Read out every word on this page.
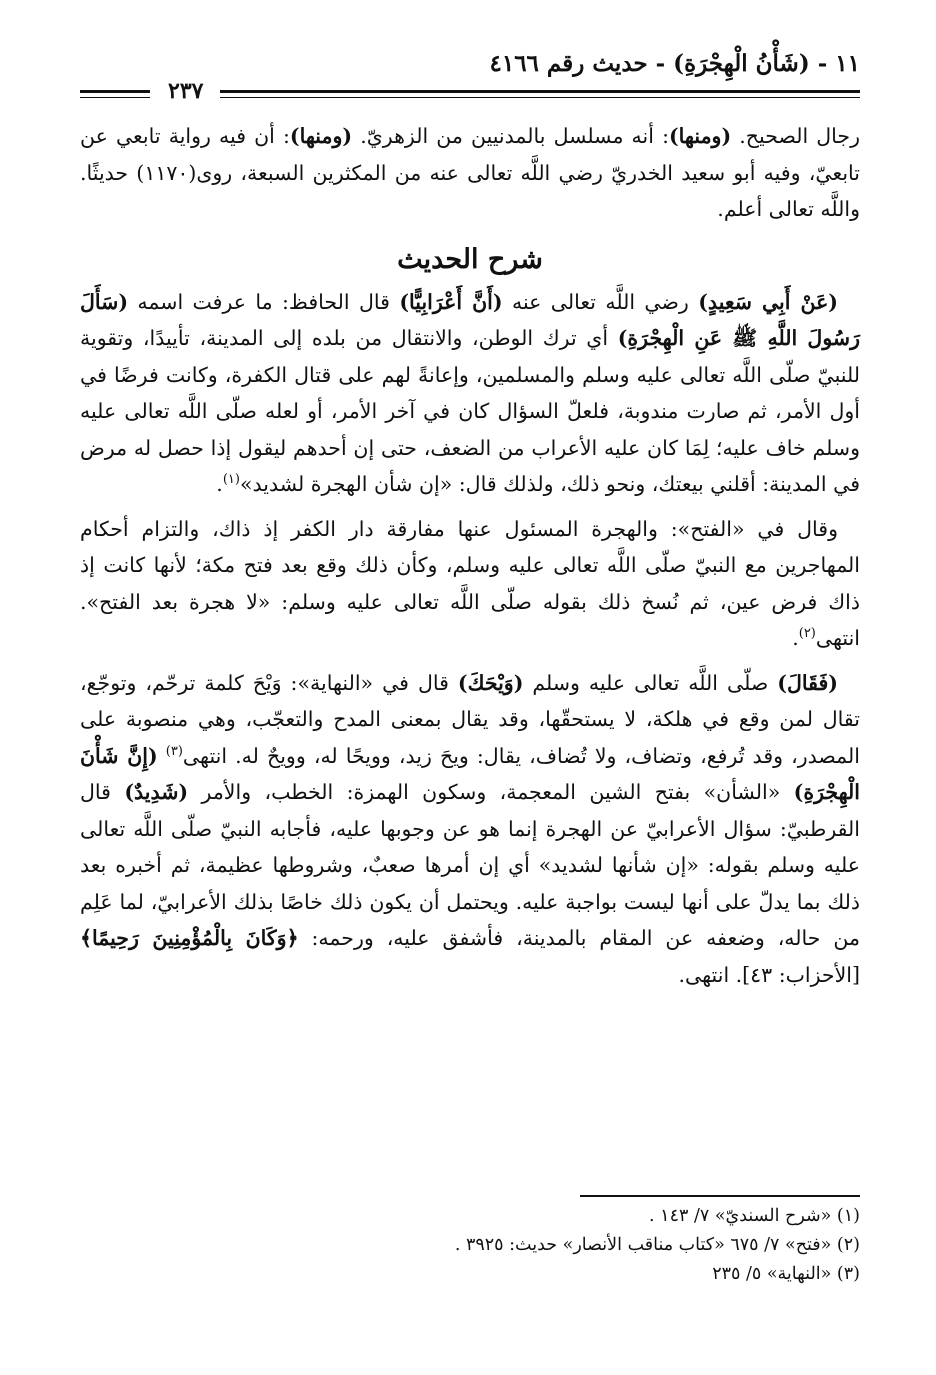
١١ - (شَأْنُ الْهِجْرَةِ) - حديث رقم ٤١٦٦
٢٣٧

رجال الصحيح. (ومنها): أنه مسلسل بالمدنيين من الزهريّ. (ومنها): أن فيه رواية تابعي عن تابعيّ، وفيه أبو سعيد الخدريّ رضي اللَّه تعالى عنه من المكثرين السبعة، روى(١١٧٠) حديثًا. واللَّه تعالى أعلم.

شرح الحديث

(عَنْ أَبِي سَعِيدٍ) رضي اللَّه تعالى عنه (أَنَّ أَعْرَابِيًّا) قال الحافظ: ما عرفت اسمه (سَأَلَ رَسُولَ اللَّهِ ﷺ عَنِ الْهِجْرَةِ) أي ترك الوطن، والانتقال من بلده إلى المدينة، تأييدًا، وتقوية للنبيّ صلّى اللَّه تعالى عليه وسلم والمسلمين، وإعانةً لهم على قتال الكفرة، وكانت فرضًا في أول الأمر، ثم صارت مندوبة، فلعلّ السؤال كان في آخر الأمر، أو لعله صلّى اللَّه تعالى عليه وسلم خاف عليه؛ لِمَا كان عليه الأعراب من الضعف، حتى إن أحدهم ليقول إذا حصل له مرض في المدينة: أقلني بيعتك، ونحو ذلك، ولذلك قال: «إن شأن الهجرة لشديد»$^{(١)}$.

وقال في «الفتح»: والهجرة المسئول عنها مفارقة دار الكفر إذ ذاك، والتزام أحكام المهاجرين مع النبيّ صلّى اللَّه تعالى عليه وسلم، وكأن ذلك وقع بعد فتح مكة؛ لأنها كانت إذ ذاك فرض عين، ثم نُسخ ذلك بقوله صلّى اللَّه تعالى عليه وسلم: «لا هجرة بعد الفتح». انتهى$^{(٢)}$.

(فَقَالَ) صلّى اللَّه تعالى عليه وسلم (وَيْحَكَ) قال في «النهاية»: وَيْحَ كلمة ترحّم، وتوجّع، تقال لمن وقع في هلكة، لا يستحقّها، وقد يقال بمعنى المدح والتعجّب، وهي منصوبة على المصدر، وقد تُرفع، وتضاف، ولا تُضاف، يقال: ويحَ زيد، وويحًا له، وويحٌ له. انتهى$^{(٣)}$ (إِنَّ شَأْنَ الْهِجْرَةِ) «الشأن» بفتح الشين المعجمة، وسكون الهمزة: الخطب، والأمر (شَدِيدٌ) قال القرطبيّ: سؤال الأعرابيّ عن الهجرة إنما هو عن وجوبها عليه، فأجابه النبيّ صلّى اللَّه تعالى عليه وسلم بقوله: «إن شأنها لشديد» أي إن أمرها صعبٌ، وشروطها عظيمة، ثم أخبره بعد ذلك بما يدلّ على أنها ليست بواجبة عليه. ويحتمل أن يكون ذلك خاصًا بذلك الأعرابيّ، لما عَلِم من حاله، وضعفه عن المقام بالمدينة، فأشفق عليه، ورحمه: ﴿وَكَانَ بِالْمُؤْمِنِينَ رَحِيمًا﴾ [الأحزاب: ٤٣]. انتهى.

(١) «شرح السنديّ» ٧/ ١٤٣ .
(٢) «فتح» ٧/ ٦٧٥ «كتاب مناقب الأنصار» حديث: ٣٩٢٥ .
(٣) «النهاية» ٥/ ٢٣٥
